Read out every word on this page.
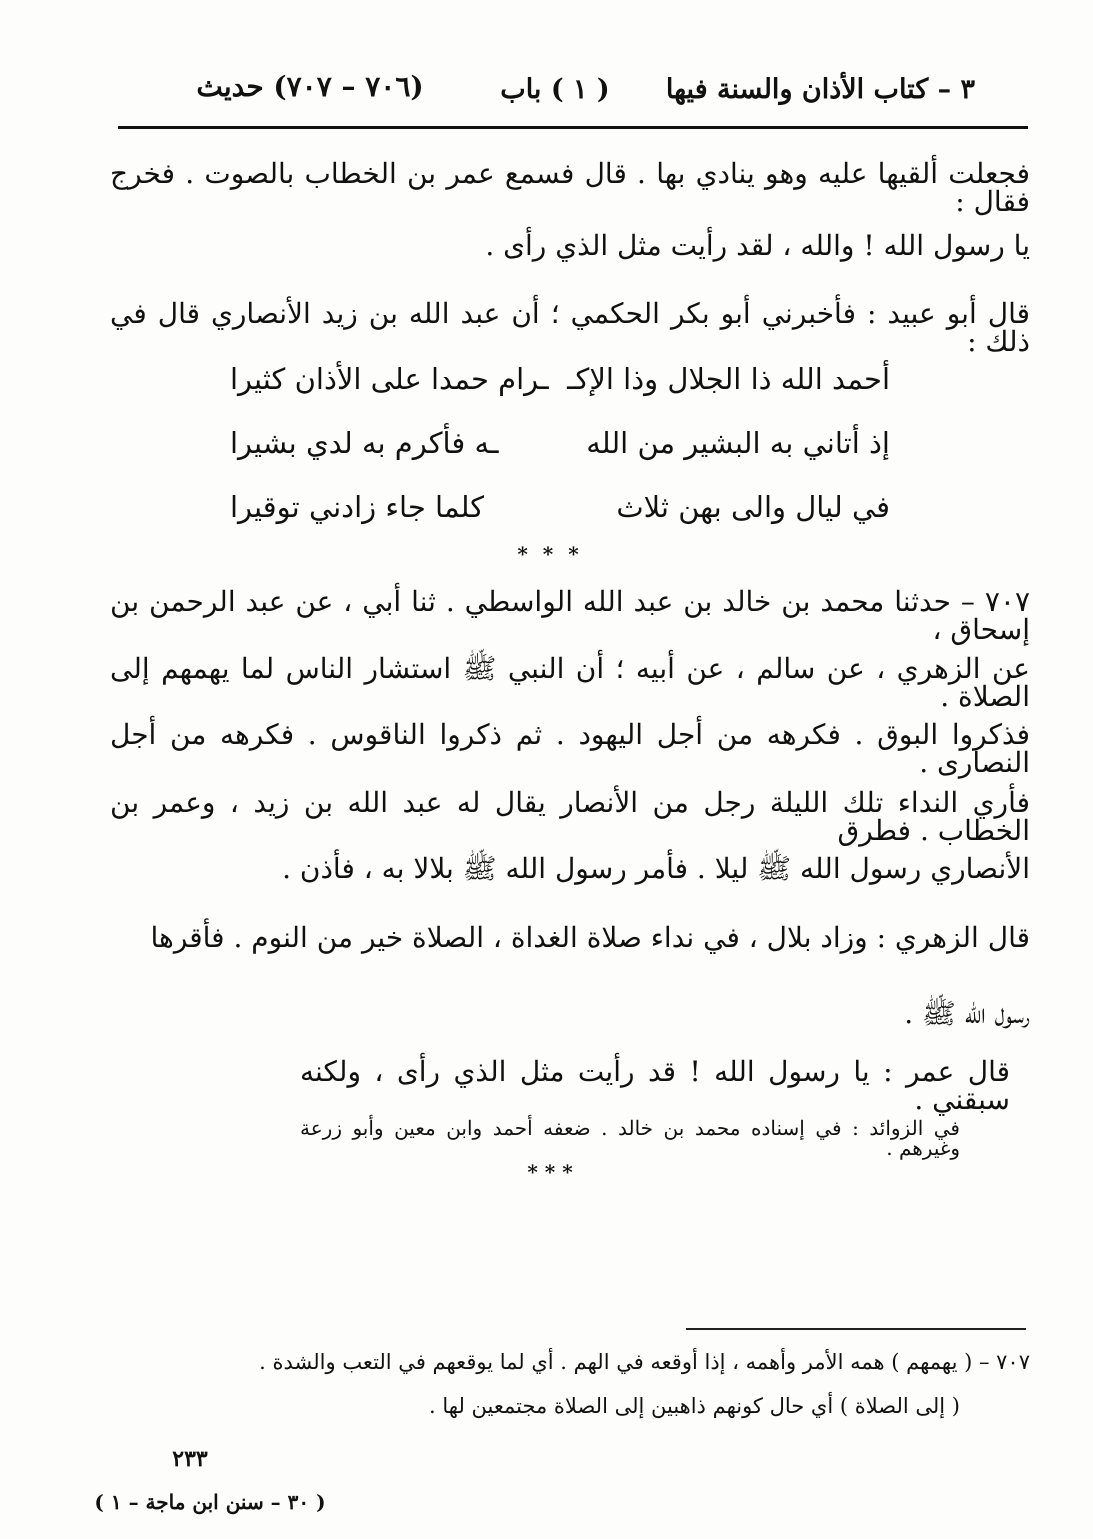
٣ – كتاب الأذان والسنة فيها
( ١ ) باب
(٧٠٦ – ٧٠٧) حديث
فجعلت ألقيها عليه وهو ينادي بها . قال فسمع عمر بن الخطاب بالصوت . فخرج فقال :
يا رسول الله ! والله ، لقد رأيت مثل الذي رأى .
قال أبو عبيد : فأخبرني أبو بكر الحكمي ؛ أن عبد الله بن زيد الأنصاري قال في ذلك :
أحمد الله ذا الجلال وذا الإكـ
ـرام حمدا على الأذان كثيرا
إذ أتاني به البشير من الله
ـه فأكرم به لدي بشيرا
في ليال والى بهن ثلاث
كلما جاء زادني توقيرا
* * *
٧٠٧ – حدثنا محمد بن خالد بن عبد الله الواسطي . ثنا أبي ، عن عبد الرحمن بن إسحاق ،
عن الزهري ، عن سالم ، عن أبيه ؛ أن النبي ﷺ استشار الناس لما يهمهم إلى الصلاة .
فذكروا البوق . فكرهه من أجل اليهود . ثم ذكروا الناقوس . فكرهه من أجل النصارى .
فأري النداء تلك الليلة رجل من الأنصار يقال له عبد الله بن زيد ، وعمر بن الخطاب . فطرق
الأنصاري رسول الله ﷺ ليلا . فأمر رسول الله ﷺ بلالا به ، فأذن .
قال الزهري : وزاد بلال ، في نداء صلاة الغداة ، الصلاة خير من النوم . فأقرها
رسول الله ﷺ .
قال عمر : يا رسول الله ! قد رأيت مثل الذي رأى ، ولكنه سبقني .
في الزوائد : في إسناده محمد بن خالد . ضعفه أحمد وابن معين وأبو زرعة وغيرهم .
* * *
٧٠٧ – ( يهمهم ) همه الأمر وأهمه ، إذا أوقعه في الهم . أي لما يوقعهم في التعب والشدة .
( إلى الصلاة ) أي حال كونهم ذاهبين إلى الصلاة مجتمعين لها .
٢٣٣
( ٣٠ – سنن ابن ماجة – ١ )
